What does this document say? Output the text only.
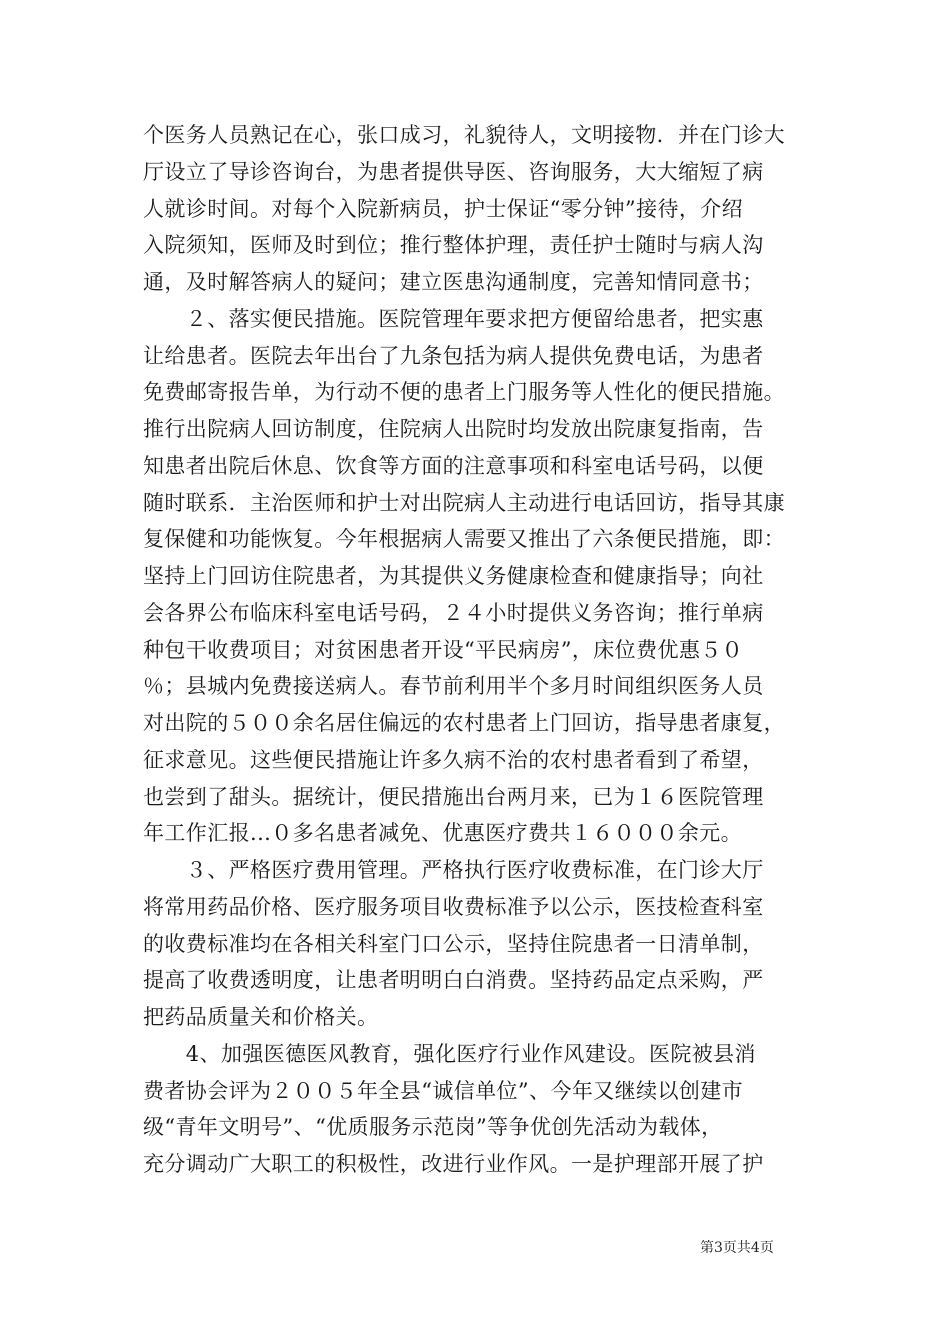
个医务人员熟记在心，张口成习，礼貌待人，文明接物．并在门诊大
厅设立了导诊咨询台，为患者提供导医、咨询服务，大大缩短了病
人就诊时间。对每个入院新病员，护士保证“零分钟”接待，介绍
入院须知，医师及时到位；推行整体护理，责任护士随时与病人沟
通，及时解答病人的疑问；建立医患沟通制度，完善知情同意书；
　　２、落实便民措施。医院管理年要求把方便留给患者，把实惠
让给患者。医院去年出台了九条包括为病人提供免费电话，为患者
免费邮寄报告单，为行动不便的患者上门服务等人性化的便民措施。
推行出院病人回访制度，住院病人出院时均发放出院康复指南，告
知患者出院后休息、饮食等方面的注意事项和科室电话号码，以便
随时联系．主治医师和护士对出院病人主动进行电话回访，指导其康
复保健和功能恢复。今年根据病人需要又推出了六条便民措施，即：
坚持上门回访住院患者，为其提供义务健康检查和健康指导；向社
会各界公布临床科室电话号码，２４小时提供义务咨询；推行单病
种包干收费项目；对贫困患者开设“平民病房”，床位费优惠５０
％；县城内免费接送病人。春节前利用半个多月时间组织医务人员
对出院的５００余名居住偏远的农村患者上门回访，指导患者康复，
征求意见。这些便民措施让许多久病不治的农村患者看到了希望，
也尝到了甜头。据统计，便民措施出台两月来，已为１６医院管理
年工作汇报...０多名患者减免、优惠医疗费共１６０００余元。
　　３、严格医疗费用管理。严格执行医疗收费标准，在门诊大厅
将常用药品价格、医疗服务项目收费标准予以公示，医技检查科室
的收费标准均在各相关科室门口公示，坚持住院患者一日清单制，
提高了收费透明度，让患者明明白白消费。坚持药品定点采购，严
把药品质量关和价格关。
　　4、加强医德医风教育，强化医疗行业作风建设。医院被县消
费者协会评为２００５年全县“诚信单位”、今年又继续以创建市
级“青年文明号”、“优质服务示范岗”等争优创先活动为载体，
充分调动广大职工的积极性，改进行业作风。一是护理部开展了护
第3页共4页
